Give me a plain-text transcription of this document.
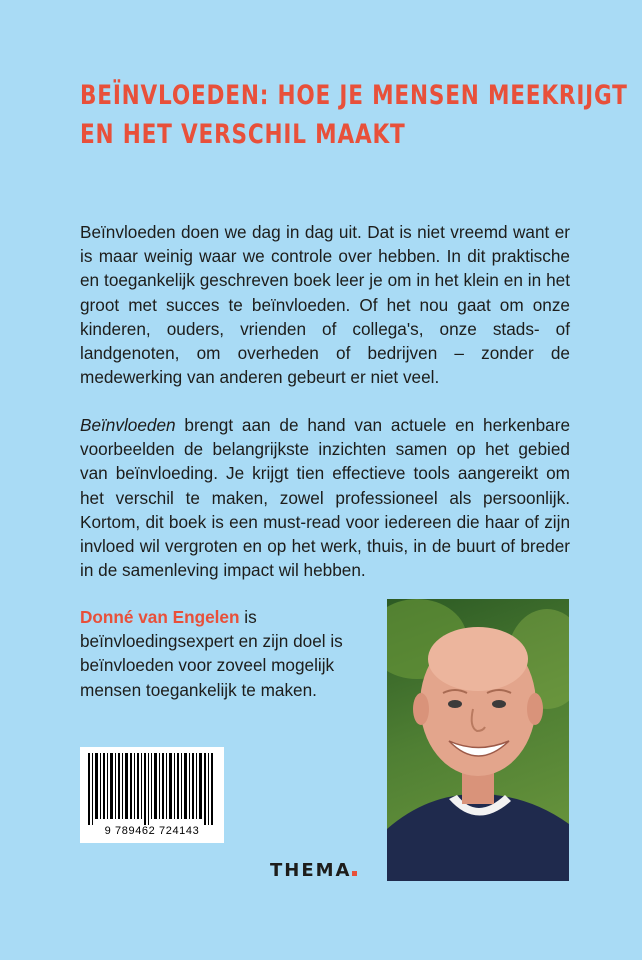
BEÏNVLOEDEN: HOE JE MENSEN MEEKRIJGT
EN HET VERSCHIL MAAKT

Beïnvloeden doen we dag in dag uit. Dat is niet vreemd want er is maar weinig waar we controle over hebben. In dit praktische en toegankelijk geschreven boek leer je om in het klein en in het groot met succes te beïnvloeden. Of het nou gaat om onze kinderen, ouders, vrienden of collega's, onze stads- of landgenoten, om overheden of bedrijven – zonder de medewerking van anderen gebeurt er niet veel.

Beïnvloeden brengt aan de hand van actuele en herkenbare voorbeelden de belangrijkste inzichten samen op het gebied van beïnvloeding. Je krijgt tien effectieve tools aangereikt om het verschil te maken, zowel professioneel als persoonlijk. Kortom, dit boek is een must-read voor iedereen die haar of zijn invloed wil vergroten en op het werk, thuis, in de buurt of breder in de samenleving impact wil hebben.

Donné van Engelen is beïnvloedingsexpert en zijn doel is beïnvloeden voor zoveel mogelijk mensen toegankelijk te maken.

9 789462 724143
THEMA
